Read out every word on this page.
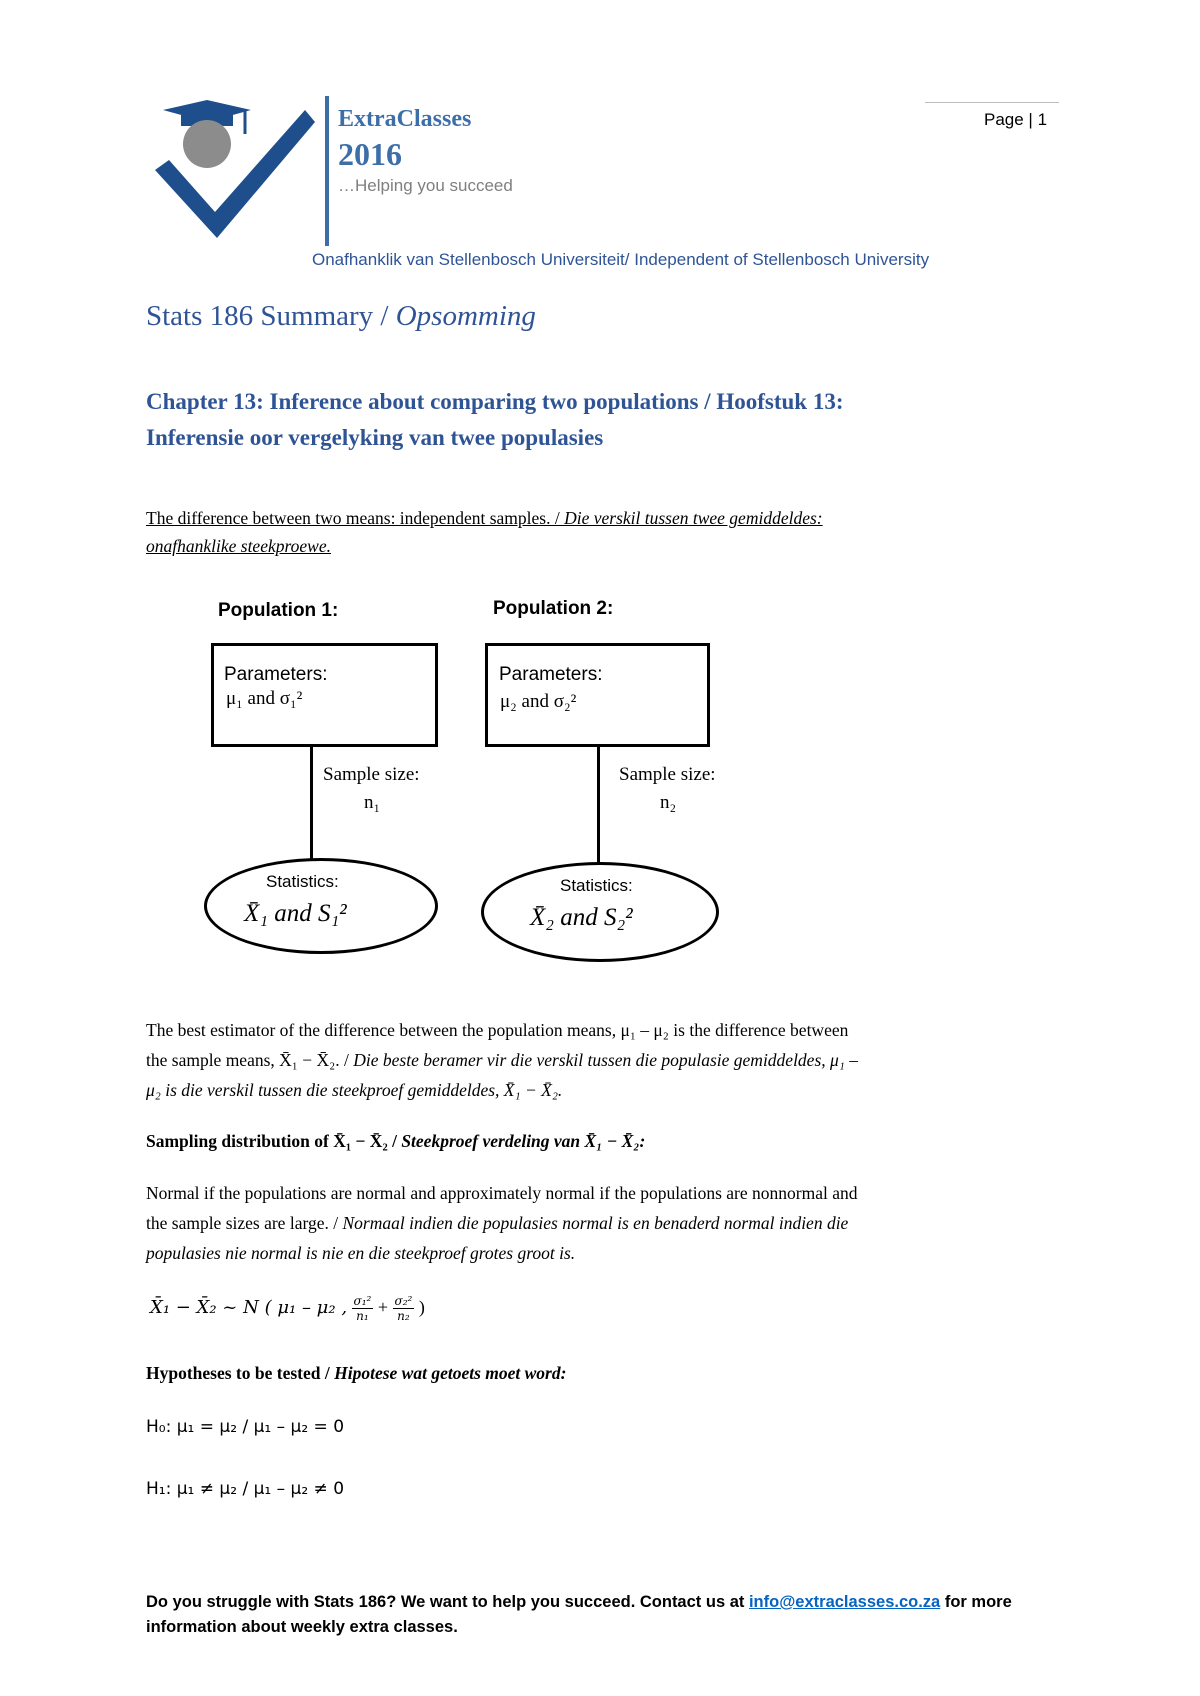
ExtraClasses
2016
…Helping you succeed
Page | 1
Onafhanklik van Stellenbosch Universiteit/ Independent of Stellenbosch University
Stats 186 Summary / Opsomming
Chapter 13: Inference about comparing two populations / Hoofstuk 13:
Inferensie oor vergelyking van twee populasies
The difference between two means: independent samples. / Die verskil tussen twee gemiddeldes:
onafhanklike steekproewe.
Population 1:
Parameters:
μ₁ and σ₁²
Sample size:
n₁
Statistics:
X̄₁ and S₁²
Population 2:
Parameters:
μ₂ and σ₂²
Sample size:
n₂
Statistics:
X̄₂ and S₂²
The best estimator of the difference between the population means, μ₁ – μ₂ is the difference between
the sample means, X̄₁ − X̄₂. / Die beste beramer vir die verskil tussen die populasie gemiddeldes, μ₁ –
μ₂ is die verskil tussen die steekproef gemiddeldes, X̄₁ − X̄₂.
Sampling distribution of X̄₁ − X̄₂ / Steekproef verdeling van X̄₁ − X̄₂:
Normal if the populations are normal and approximately normal if the populations are nonnormal and
the sample sizes are large. / Normaal indien die populasies normal is en benaderd normal indien die
populasies nie normal is nie en die steekproef grotes groot is.
X̄₁ − X̄₂ ~ N ( μ₁ – μ₂ , $\frac{\text{σ₁²}}{\text{n₁}} + \frac{\text{σ₂²}}{\text{n₂}}$ )
Hypotheses to be tested / Hipotese wat getoets moet word:
H₀: μ₁ = μ₂ / μ₁ – μ₂ = 0
H₁: μ₁ ≠ μ₂ / μ₁ – μ₂ ≠ 0
Do you struggle with Stats 186? We want to help you succeed. Contact us at info@extraclasses.co.za for more
information about weekly extra classes.
